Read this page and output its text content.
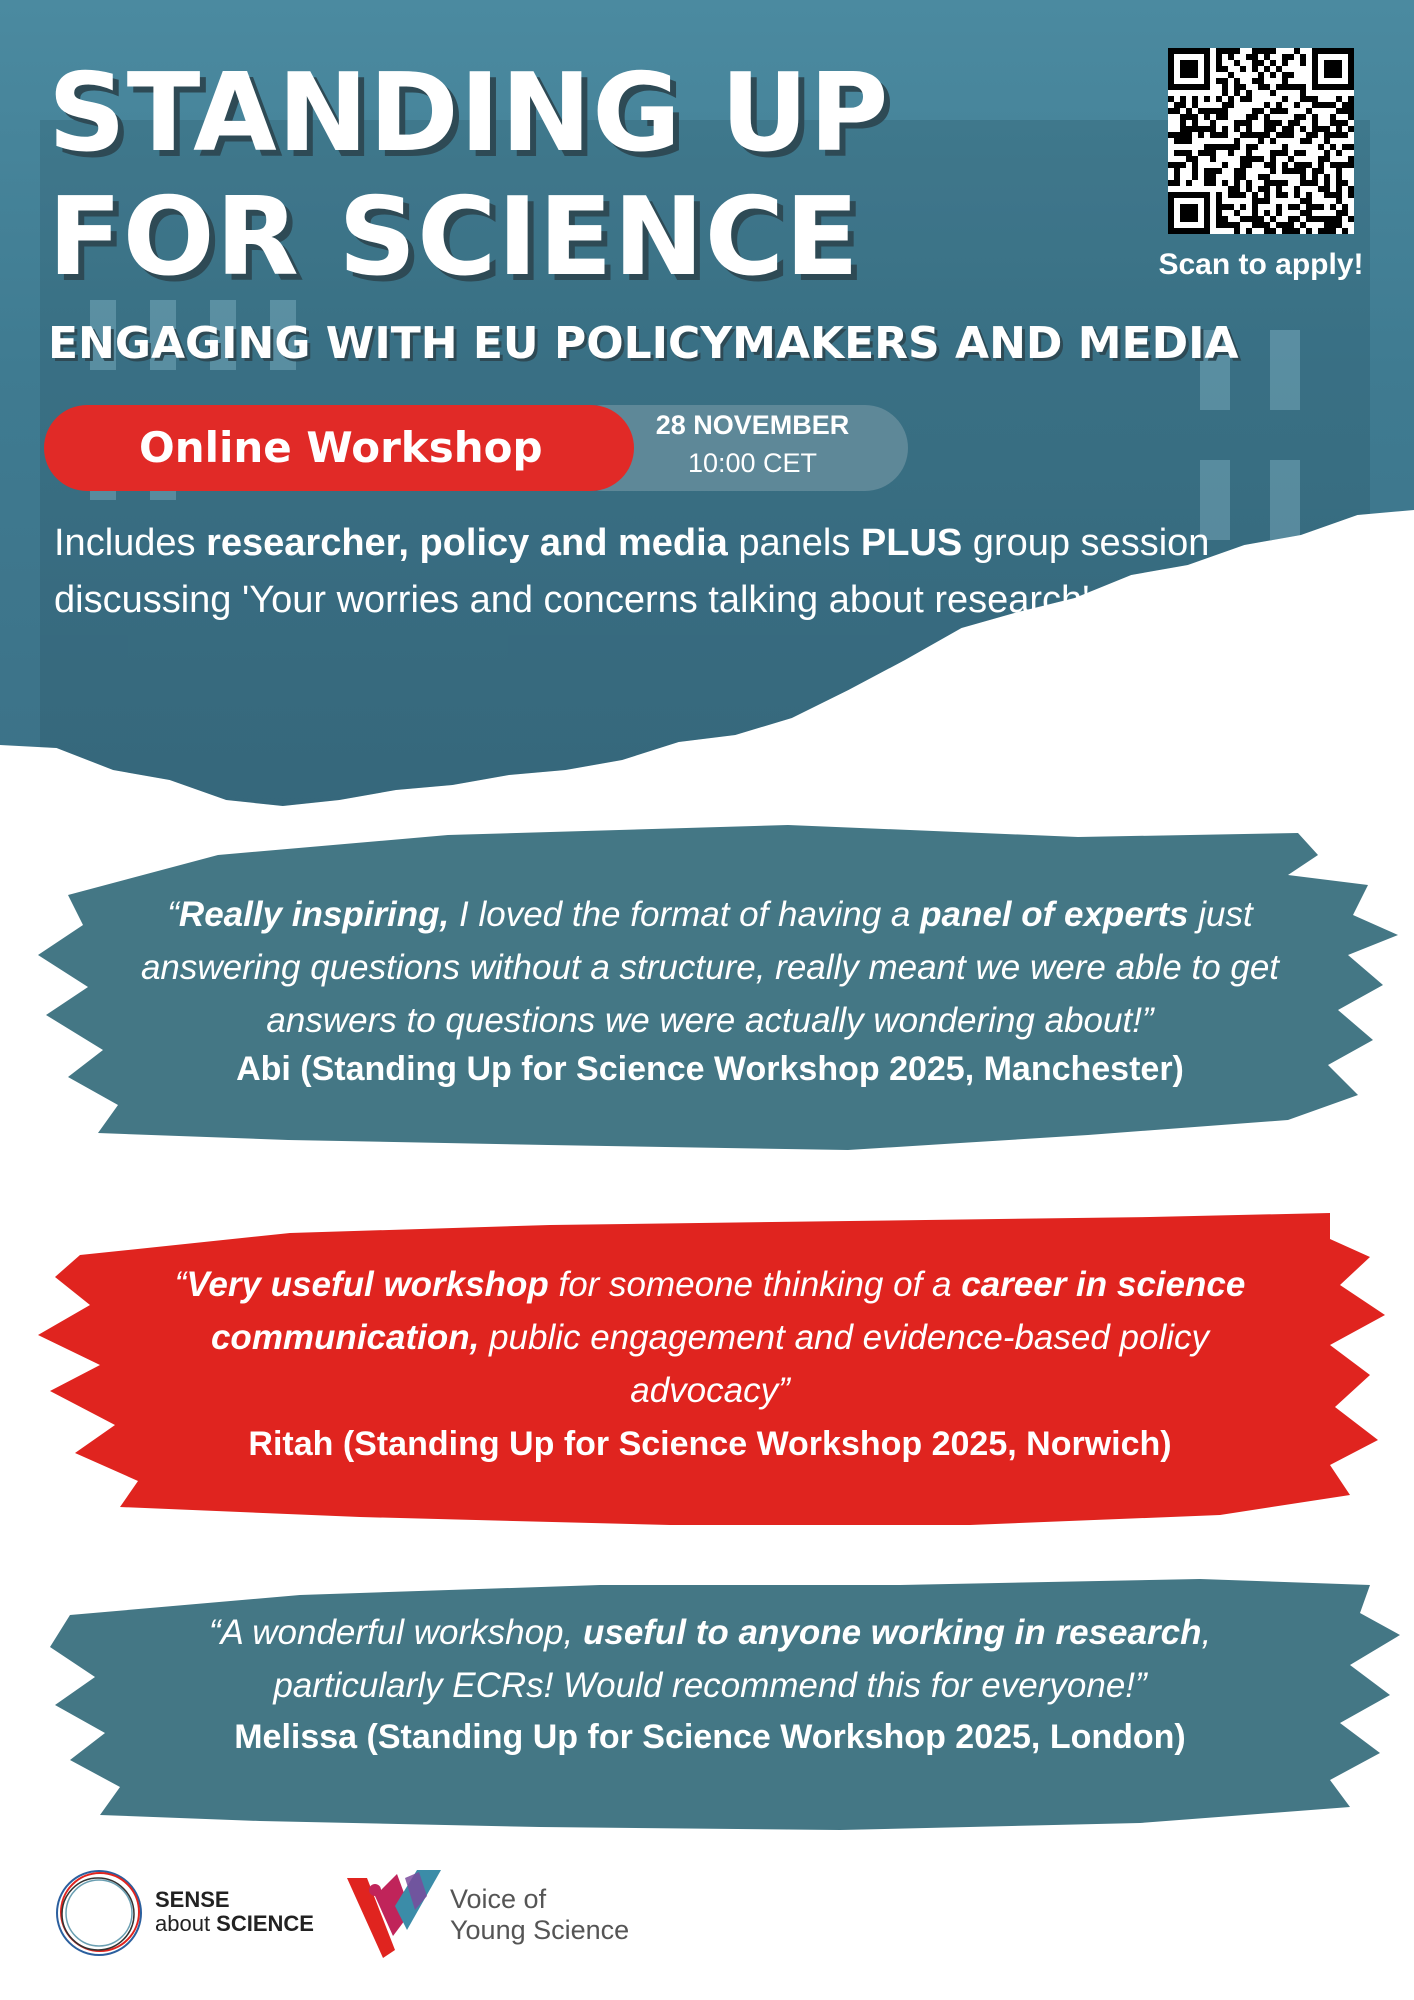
STANDING UP
FOR SCIENCE
ENGAGING WITH EU POLICYMAKERS AND MEDIA
Scan to apply!
28 NOVEMBER
10:00 CET
Online Workshop

Includes researcher, policy and media panels PLUS group session discussing 'Your worries and concerns talking about research'

“Really inspiring, I loved the format of having a panel of experts just answering questions without a structure, really meant we were able to get answers to questions we were actually wondering about!”

Abi (Standing Up for Science Workshop 2025, Manchester)

“Very useful workshop for someone thinking of a career in science communication, public engagement and evidence-based policy advocacy”

Ritah (Standing Up for Science Workshop 2025, Norwich)

“A wonderful workshop, useful to anyone working in research, particularly ECRs! Would recommend this for everyone!”

Melissa (Standing Up for Science Workshop 2025, London)

SENSE
about SCIENCE
Voice of
Young Science
